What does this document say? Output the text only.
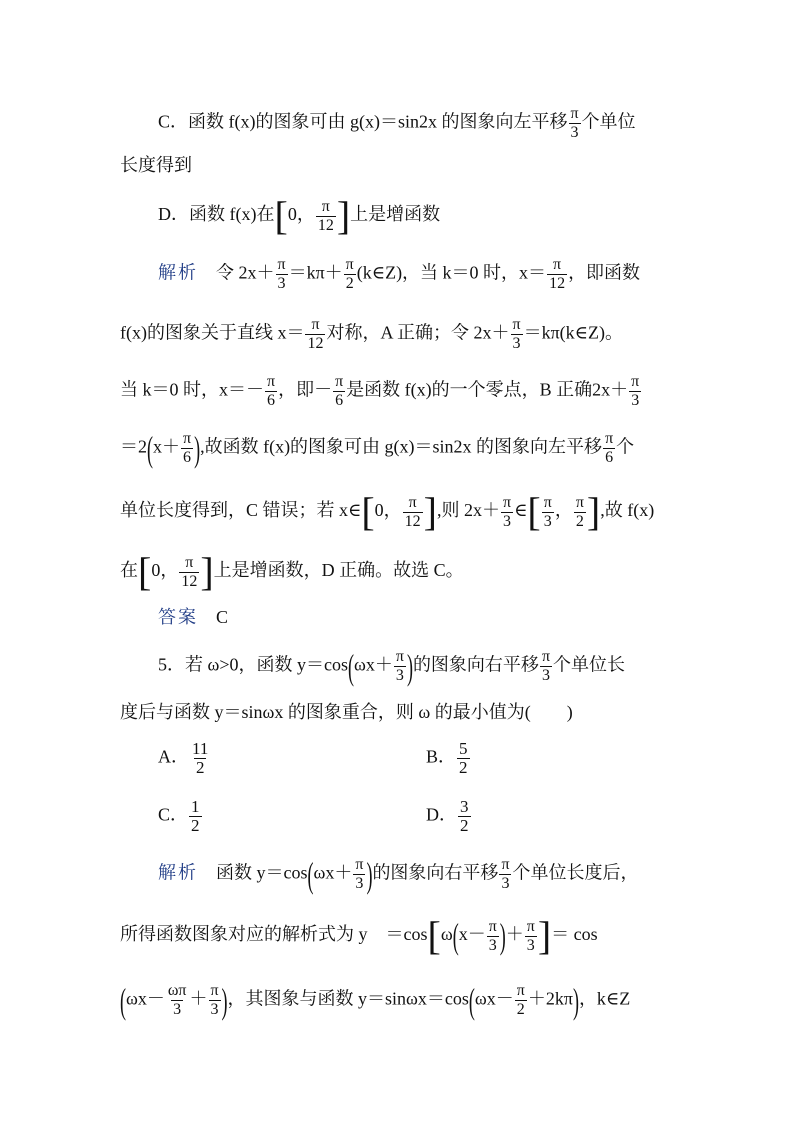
C．函数 f(x)的图象可由 g(x)＝sin2x 的图象向左平移 $\frac{\pi}{3}$ 个单位
长度得到
D．函数 f(x)在[0， $\frac{\pi}{12}$ ]上是增函数
解析 令 $2x+ \frac{\pi}{3} =k\pi+ \frac{\pi}{2}$ (k∈Z)，当 k＝0 时，$x= \frac{\pi}{12}$ ，即函数
f(x)的图象关于直线 $x= \frac{\pi}{12}$ 对称，A 正确；令 $2x+ \frac{\pi}{3}$ ＝kπ(k∈Z)。
当 k＝0 时，$x=- \frac{\pi}{6}$ ，即－ $\frac{\pi}{6}$ 是函数 f(x)的一个零点，B 正确$2x+ \frac{\pi}{3}$
$=2(x+ \frac{\pi}{6}$ ),故函数 f(x)的图象可由 g(x)＝sin2x 的图象向左平移 $\frac{\pi}{6}$ 个
单位长度得到，C 错误；若 x∈[0， $\frac{\pi}{12}$ ],则 $2x+ \frac{\pi}{3}$ ∈[ $\frac{\pi}{3}$ ， $\frac{\pi}{2}$ ],故 f(x)
在[0， $\frac{\pi}{12}$ ]上是增函数，D 正确。故选 C。
答案 C
5．若 ω>0，函数 $y=\cos(\omega x+ \frac{\pi}{3}$ )的图象向右平移 $\frac{\pi}{3}$ 个单位长
度后与函数 y＝sinωx 的图象重合，则 ω 的最小值为(　　)
A． $\frac{11}{2}$	B． $\frac{5}{2}$
C． $\frac{1}{2}$	D． $\frac{3}{2}$
解析 函数 $y=\cos(\omega x+ \frac{\pi}{3}$ )的图象向右平移 $\frac{\pi}{3}$ 个单位长度后，
所得函数图象对应的解析式为 y　$=\cos[\omega(x- \frac{\pi}{3}$ )＋ $\frac{\pi}{3}$ ]＝ cos
($\omega x- \frac{\omega\pi}{3} + \frac{\pi}{3}$ )，其图象与函数 $y=\sin\omega x=\cos(\omega x- \frac{\pi}{2} +2k\pi)$，k∈Z
